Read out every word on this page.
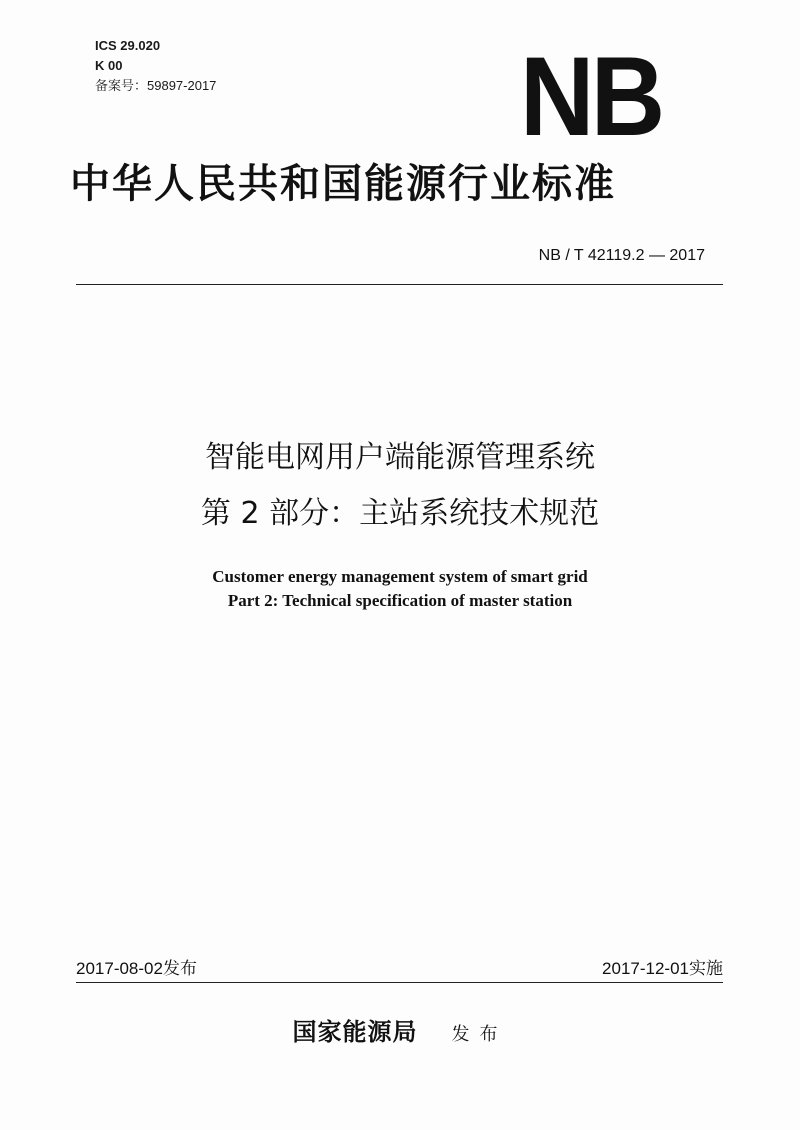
ICS 29.020
K 00
备案号：59897-2017	NB
中华人民共和国能源行业标准
NB / T 42119.2 — 2017
智能电网用户端能源管理系统
第 2 部分：主站系统技术规范
Customer energy management system of smart grid
Part 2: Technical specification of master station
2017-08-02发布	2017-12-01实施
国家能源局 发布
